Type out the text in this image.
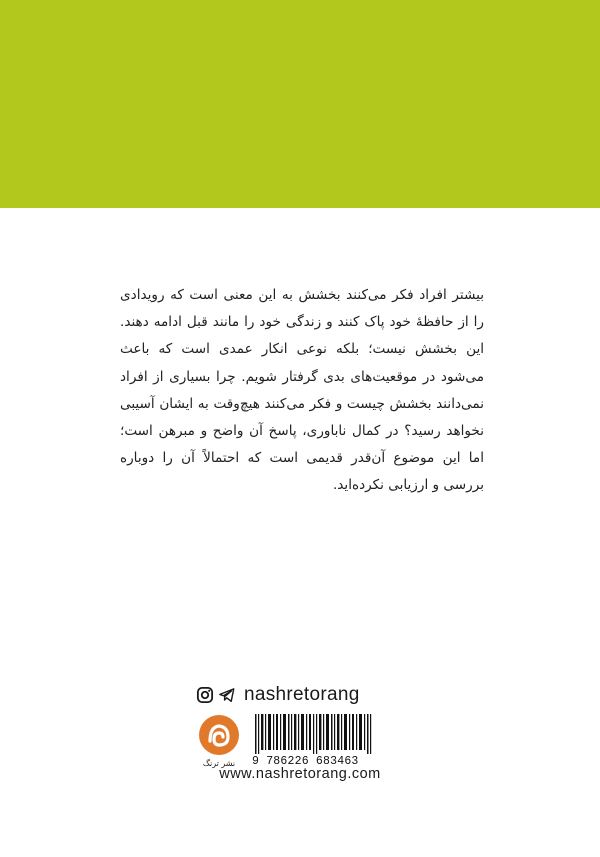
بیشتر افراد فکر می‌کنند بخشش به این معنی است که رویدادی را از حافظهٔ خود پاک کنند و زندگی خود را مانند قبل ادامه دهند. این بخشش نیست؛ بلکه نوعی انکار عمدی است که باعث می‌شود در موقعیت‌های بدی گرفتار شویم. چرا بسیاری از افراد نمی‌دانند بخشش چیست و فکر می‌کنند هیچ‌وقت به ایشان آسیبی نخواهد رسید؟ در کمال ناباوری، پاسخ آن واضح و مبرهن است؛ اما این موضوع آن‌قدر قدیمی است که احتمالاً آن را دوباره بررسی و ارزیابی نکرده‌اید.

nashretorang
نشر ترنگ	9 786226 683463
www.nashretorang.com
